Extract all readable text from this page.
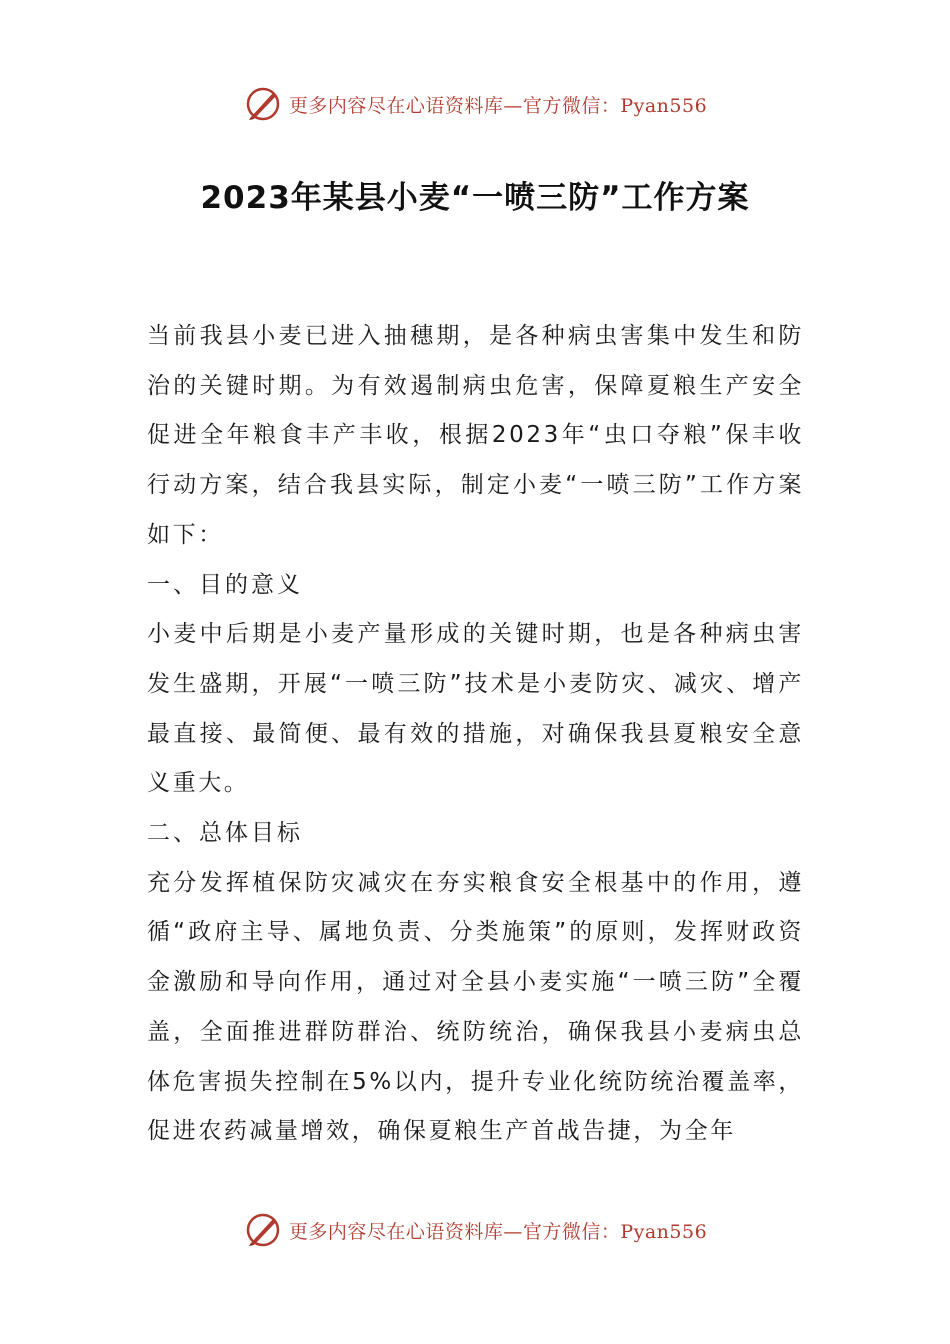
更多内容尽在心语资料库—官方微信：Pyan556
2023年某县小麦“一喷三防”工作方案

当前我县小麦已进入抽穗期，是各种病虫害集中发生和防治的关键时期。为有效遏制病虫危害，保障夏粮生产安全促进全年粮食丰产丰收，根据2023年“虫口夺粮”保丰收行动方案，结合我县实际，制定小麦“一喷三防”工作方案如下：

一、目的意义

小麦中后期是小麦产量形成的关键时期，也是各种病虫害发生盛期，开展“一喷三防”技术是小麦防灾、减灾、增产最直接、最简便、最有效的措施，对确保我县夏粮安全意义重大。

二、总体目标

充分发挥植保防灾减灾在夯实粮食安全根基中的作用，遵循“政府主导、属地负责、分类施策”的原则，发挥财政资金激励和导向作用，通过对全县小麦实施“一喷三防”全覆盖，全面推进群防群治、统防统治，确保我县小麦病虫总体危害损失控制在5%以内，提升专业化统防统治覆盖率，促进农药减量增效，确保夏粮生产首战告捷，为全年

更多内容尽在心语资料库—官方微信：Pyan556
